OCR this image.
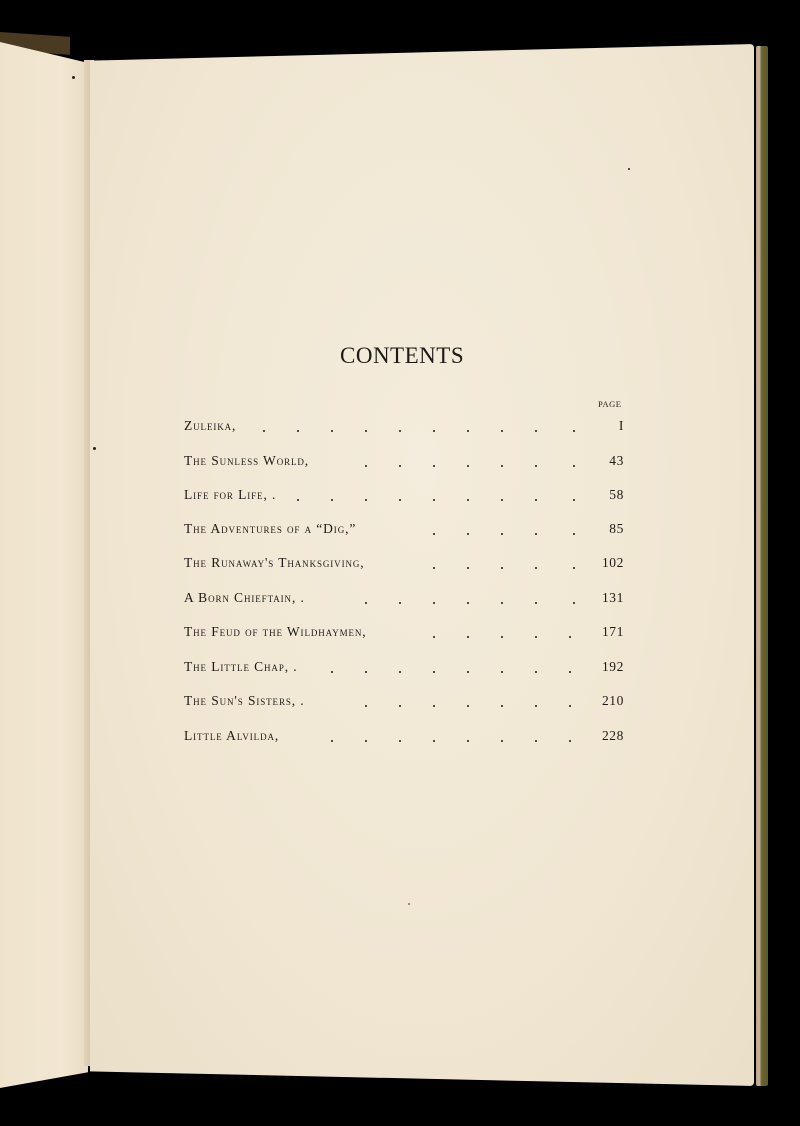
CONTENTS
PAGE
Zuleika,	I
The Sunless World,	43
Life for Life, .	58
The Adventures of a “Dig,”	85
The Runaway's Thanksgiving,	102
A Born Chieftain, .	131
The Feud of the Wildhaymen,	171
The Little Chap, .	192
The Sun's Sisters, .	210
Little Alvilda,	228
